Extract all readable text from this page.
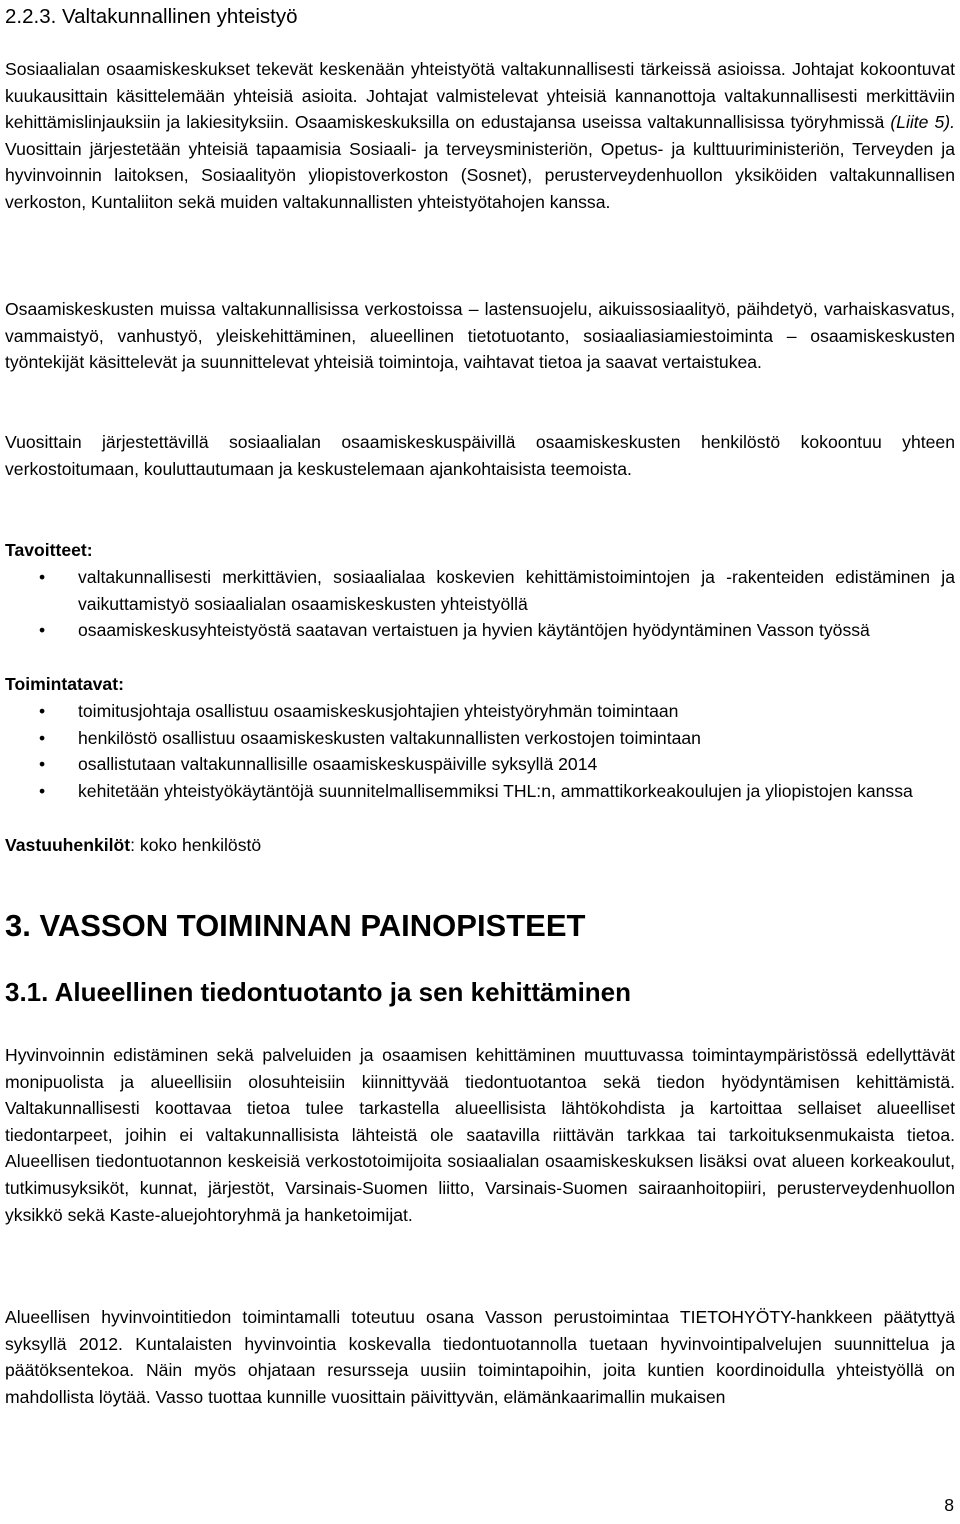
2.2.3. Valtakunnallinen yhteistyö

Sosiaalialan osaamiskeskukset tekevät keskenään yhteistyötä valtakunnallisesti tärkeissä asioissa. Johtajat kokoontuvat kuukausittain käsittelemään yhteisiä asioita. Johtajat valmistelevat yhteisiä kannanottoja valtakunnallisesti merkittäviin kehittämislinjauksiin ja lakiesityksiin. Osaamiskeskuksilla on edustajansa useissa valtakunnallisissa työryhmissä (Liite 5). Vuosittain järjestetään yhteisiä tapaamisia Sosiaali- ja terveysministeriön, Opetus- ja kulttuuriministeriön, Terveyden ja hyvinvoinnin laitoksen, Sosiaalityön yliopistoverkoston (Sosnet), perusterveydenhuollon yksiköiden valtakunnallisen verkoston, Kuntaliiton sekä muiden valtakunnallisten yhteistyötahojen kanssa.

Osaamiskeskusten muissa valtakunnallisissa verkostoissa – lastensuojelu, aikuissosiaalityö, päihdetyö, varhaiskasvatus, vammaistyö, vanhustyö, yleiskehittäminen, alueellinen tietotuotanto, sosiaaliasiamiestoiminta – osaamiskeskusten työntekijät käsittelevät ja suunnittelevat yhteisiä toimintoja, vaihtavat tietoa ja saavat vertaistukea.

Vuosittain järjestettävillä sosiaalialan osaamiskeskuspäivillä osaamiskeskusten henkilöstö kokoontuu yhteen verkostoitumaan, kouluttautumaan ja keskustelemaan ajankohtaisista teemoista.

Tavoitteet:

• valtakunnallisesti merkittävien, sosiaalialaa koskevien kehittämistoimintojen ja -rakenteiden edistäminen ja vaikuttamistyö sosiaalialan osaamiskeskusten yhteistyöllä
• osaamiskeskusyhteistyöstä saatavan vertaistuen ja hyvien käytäntöjen hyödyntäminen Vasson työssä

Toimintatavat:

• toimitusjohtaja osallistuu osaamiskeskusjohtajien yhteistyöryhmän toimintaan
• henkilöstö osallistuu osaamiskeskusten valtakunnallisten verkostojen toimintaan
• osallistutaan valtakunnallisille osaamiskeskuspäiville syksyllä 2014
• kehitetään yhteistyökäytäntöjä suunnitelmallisemmiksi THL:n, ammattikorkeakoulujen ja yliopistojen kanssa

Vastuuhenkilöt: koko henkilöstö

3. VASSON TOIMINNAN PAINOPISTEET
3.1. Alueellinen tiedontuotanto ja sen kehittäminen

Hyvinvoinnin edistäminen sekä palveluiden ja osaamisen kehittäminen muuttuvassa toimintaympäristössä edellyttävät monipuolista ja alueellisiin olosuhteisiin kiinnittyvää tiedontuotantoa sekä tiedon hyödyntämisen kehittämistä. Valtakunnallisesti koottavaa tietoa tulee tarkastella alueellisista lähtökohdista ja kartoittaa sellaiset alueelliset tiedontarpeet, joihin ei valtakunnallisista lähteistä ole saatavilla riittävän tarkkaa tai tarkoituksenmukaista tietoa. Alueellisen tiedontuotannon keskeisiä verkostotoimijoita sosiaalialan osaamiskeskuksen lisäksi ovat alueen korkeakoulut, tutkimusyksiköt, kunnat, järjestöt, Varsinais-Suomen liitto, Varsinais-Suomen sairaanhoitopiiri, perusterveydenhuollon yksikkö sekä Kaste-aluejohtoryhmä ja hanketoimijat.

Alueellisen hyvinvointitiedon toimintamalli toteutuu osana Vasson perustoimintaa TIETOHYÖTY-hankkeen päätyttyä syksyllä 2012. Kuntalaisten hyvinvointia koskevalla tiedontuotannolla tuetaan hyvinvointipalvelujen suunnittelua ja päätöksentekoa. Näin myös ohjataan resursseja uusiin toimintapoihin, joita kuntien koordinoidulla yhteistyöllä on mahdollista löytää. Vasso tuottaa kunnille vuosittain päivittyvän, elämänkaarimallin mukaisen

8
